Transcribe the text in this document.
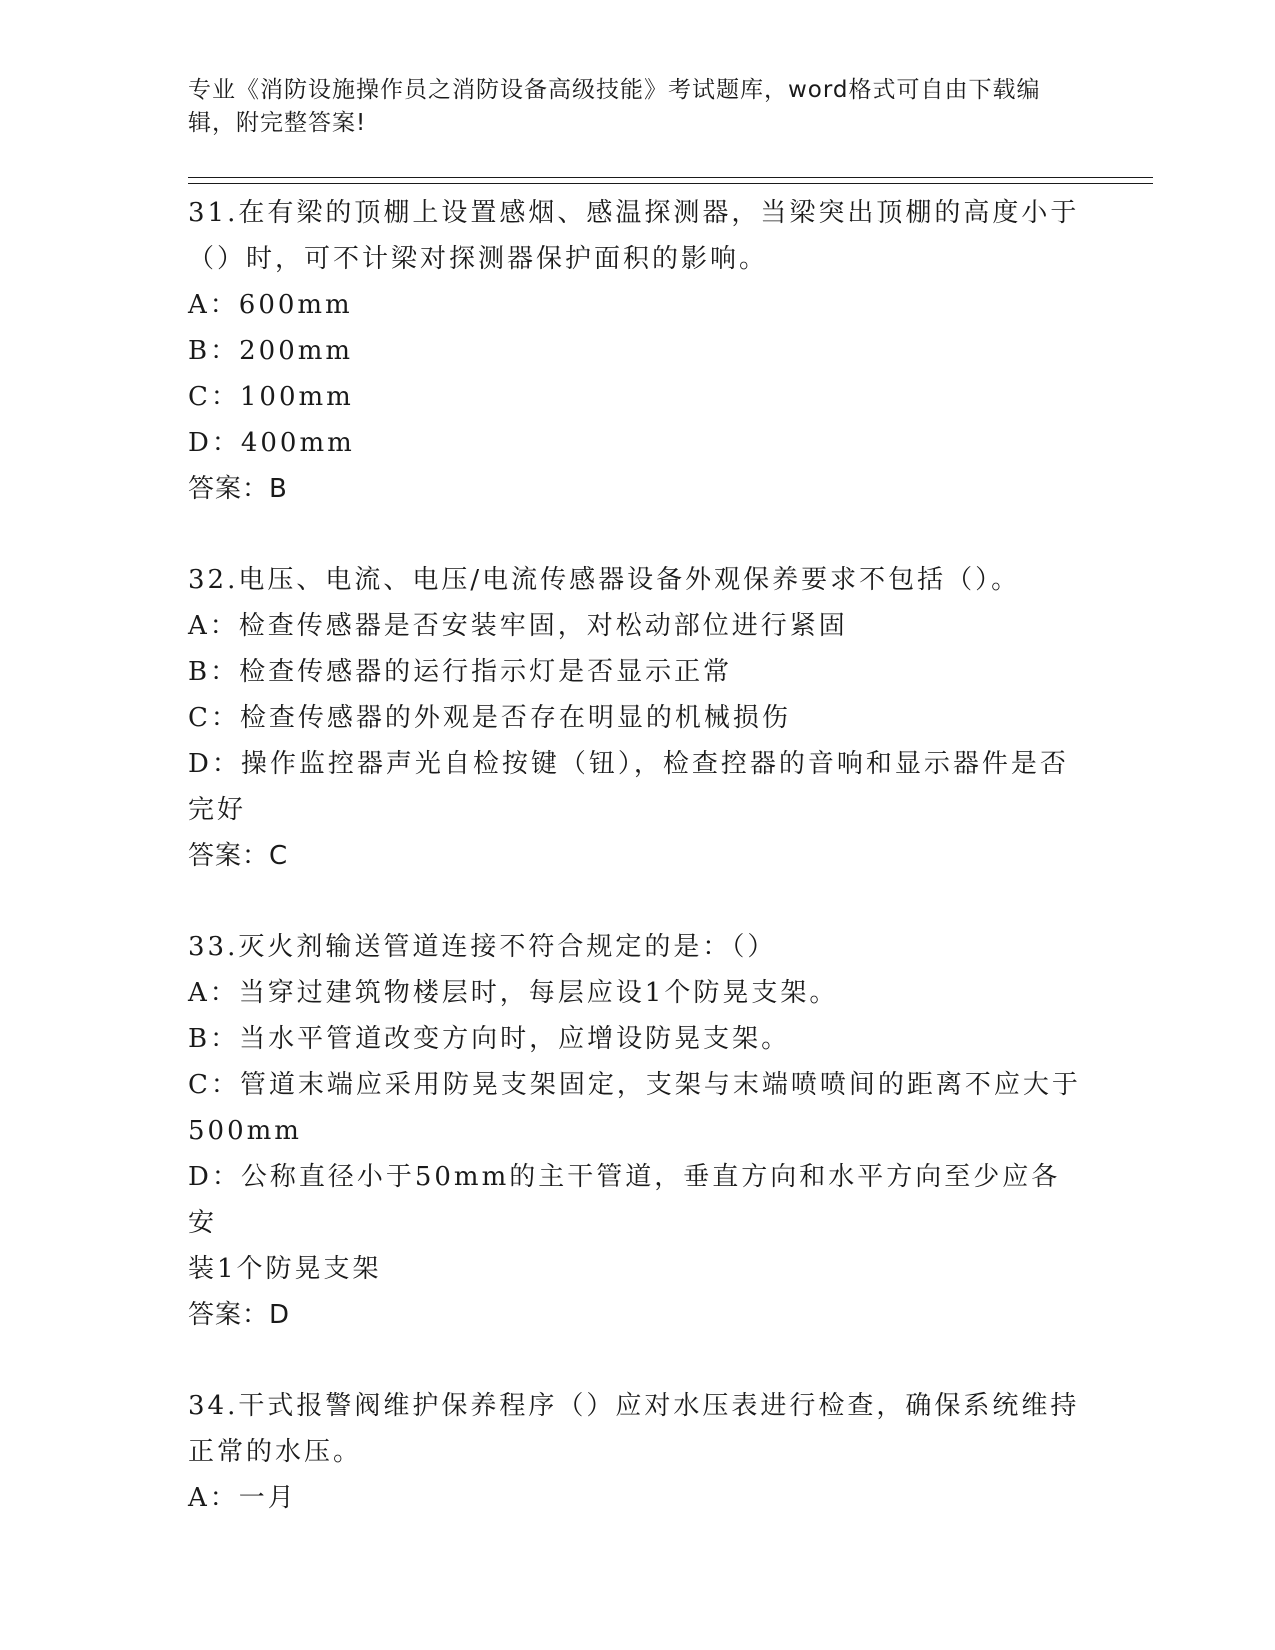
专业《消防设施操作员之消防设备高级技能》考试题库，word格式可自由下载编
辑，附完整答案!
31.在有梁的顶棚上设置感烟、感温探测器，当梁突出顶棚的高度小于
（）时，可不计梁对探测器保护面积的影响。
A：600mm
B：200mm
C：100mm
D：400mm
答案：B
32.电压、电流、电压/电流传感器设备外观保养要求不包括（）。
A：检查传感器是否安装牢固，对松动部位进行紧固
B：检查传感器的运行指示灯是否显示正常
C：检查传感器的外观是否存在明显的机械损伤
D：操作监控器声光自检按键（钮），检查控器的音响和显示器件是否
完好
答案：C
33.灭火剂输送管道连接不符合规定的是：（）
A：当穿过建筑物楼层时，每层应设1个防晃支架。
B：当水平管道改变方向时，应增设防晃支架。
C：管道末端应采用防晃支架固定，支架与末端喷喷间的距离不应大于
500mm
D：公称直径小于50mm的主干管道，垂直方向和水平方向至少应各安
装1个防晃支架
答案：D
34.干式报警阀维护保养程序（）应对水压表进行检查，确保系统维持
正常的水压。
A：一月
